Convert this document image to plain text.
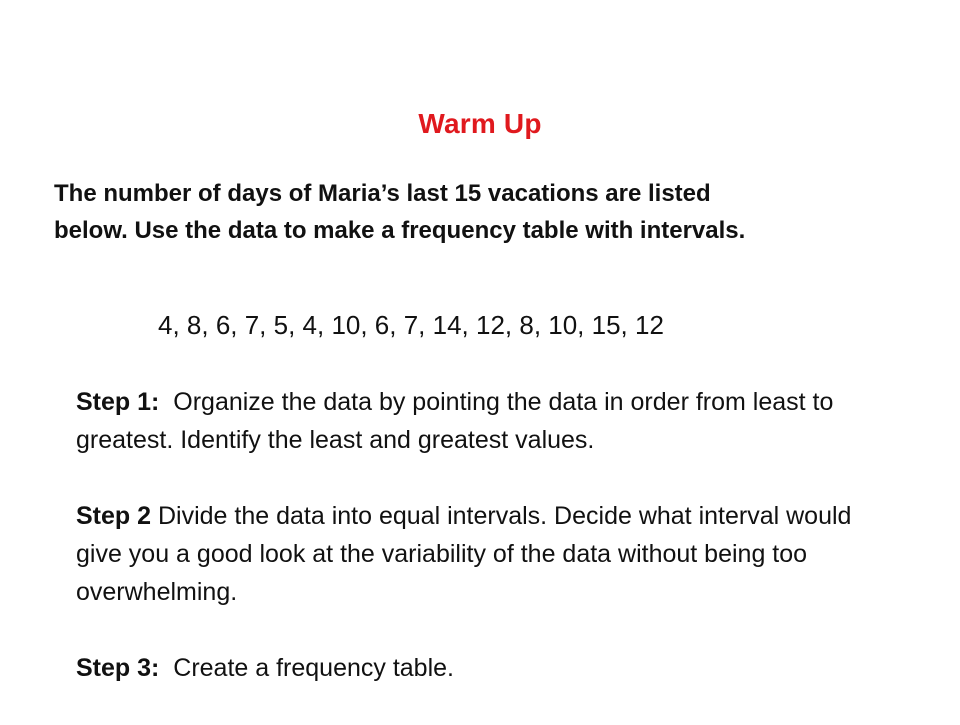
Warm Up
The number of days of Maria’s last 15 vacations are listed
below. Use the data to make a frequency table with intervals.
4, 8, 6, 7, 5, 4, 10, 6, 7, 14, 12, 8, 10, 15, 12
Step 1: Organize the data by pointing the data in order from least to greatest. Identify the least and greatest values.
Step 2 Divide the data into equal intervals. Decide what interval would give you a good look at the variability of the data without being too overwhelming.
Step 3: Create a frequency table.
